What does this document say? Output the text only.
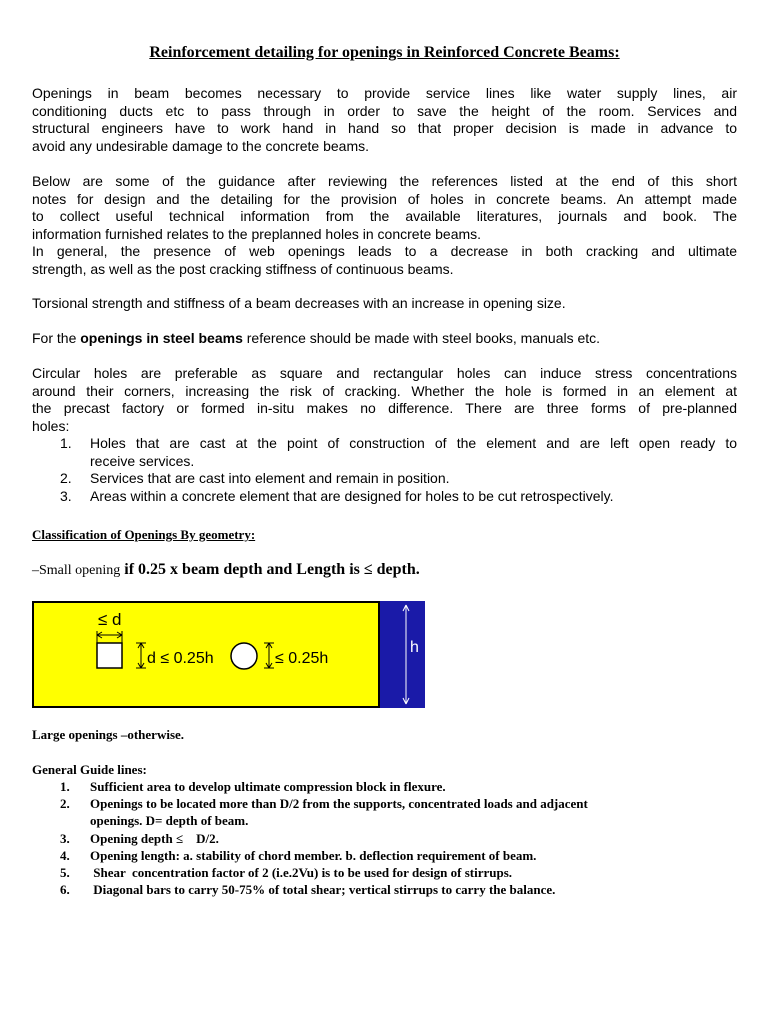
Reinforcement detailing for openings in Reinforced Concrete Beams:

Openings in beam becomes necessary to provide service lines like water supply lines, air
conditioning ducts etc to pass through in order to save the height of the room. Services and
structural engineers have to work hand in hand so that proper decision is made in advance to
avoid any undesirable damage to the concrete beams.

Below are some of the guidance after reviewing the references listed at the end of this short
notes for design and the detailing for the provision of holes in concrete beams. An attempt made
to collect useful technical information from the available literatures, journals and book. The
information furnished relates to the preplanned holes in concrete beams.

In general, the presence of web openings leads to a decrease in both cracking and ultimate
strength, as well as the post cracking stiffness of continuous beams.

Torsional strength and stiffness of a beam decreases with an increase in opening size.

For the openings in steel beams reference should be made with steel books, manuals etc.

Circular holes are preferable as square and rectangular holes can induce stress concentrations
around their corners, increasing the risk of cracking. Whether the hole is formed in an element at
the precast factory or formed in-situ makes no difference. There are three forms of pre-planned
holes:

1. Holes that are cast at the point of construction of the element and are left open ready to
receive services.
2. Services that are cast into element and remain in position.
3. Areas within a concrete element that are designed for holes to be cut retrospectively.
Classification of Openings By geometry:
–Small opening if 0.25 x beam depth and Length is ≤ depth.
≤ d
d ≤ 0.25h	≤ 0.25h
h
Large openings –otherwise.
General Guide lines:
1. Sufficient area to develop ultimate compression block in flexure.
2. Openings to be located more than D/2 from the supports, concentrated loads and adjacent
openings. D= depth of beam.
3. Opening depth ≤    D/2.
4. Opening length: a. stability of chord member. b. deflection requirement of beam.
5. Shear  concentration factor of 2 (i.e.2Vu) is to be used for design of stirrups.
6. Diagonal bars to carry 50-75% of total shear; vertical stirrups to carry the balance.
